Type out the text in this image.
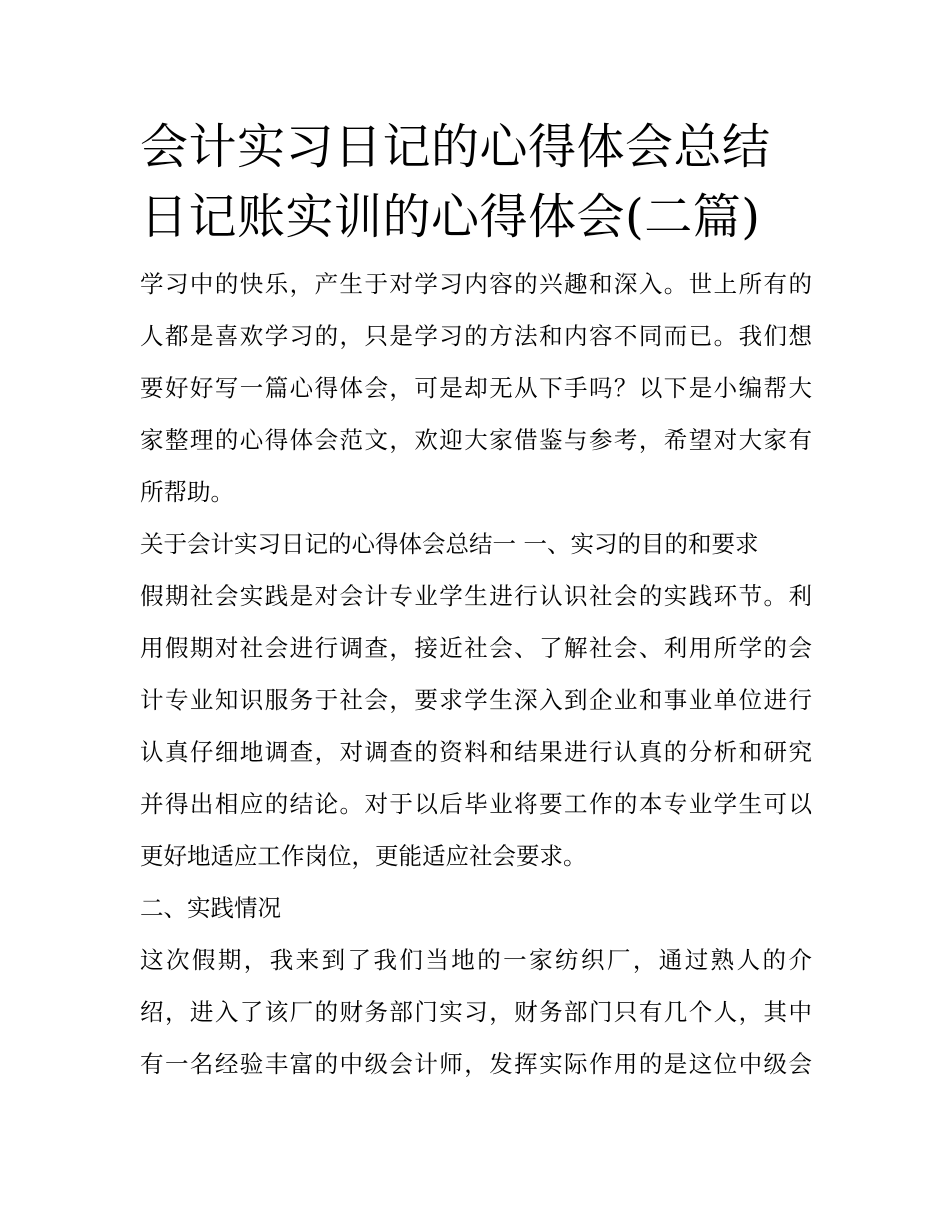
会计实习日记的心得体会总结
日记账实训的心得体会(二篇)

学习中的快乐，产生于对学习内容的兴趣和深入。世上所有的
人都是喜欢学习的，只是学习的方法和内容不同而已。我们想
要好好写一篇心得体会，可是却无从下手吗？以下是小编帮大
家整理的心得体会范文，欢迎大家借鉴与参考，希望对大家有
所帮助。

关于会计实习日记的心得体会总结一 一、实习的目的和要求

假期社会实践是对会计专业学生进行认识社会的实践环节。利
用假期对社会进行调查，接近社会、了解社会、利用所学的会
计专业知识服务于社会，要求学生深入到企业和事业单位进行
认真仔细地调查，对调查的资料和结果进行认真的分析和研究
并得出相应的结论。对于以后毕业将要工作的本专业学生可以
更好地适应工作岗位，更能适应社会要求。

二、实践情况

这次假期，我来到了我们当地的一家纺织厂，通过熟人的介
绍，进入了该厂的财务部门实习，财务部门只有几个人，其中
有一名经验丰富的中级会计师，发挥实际作用的是这位中级会
